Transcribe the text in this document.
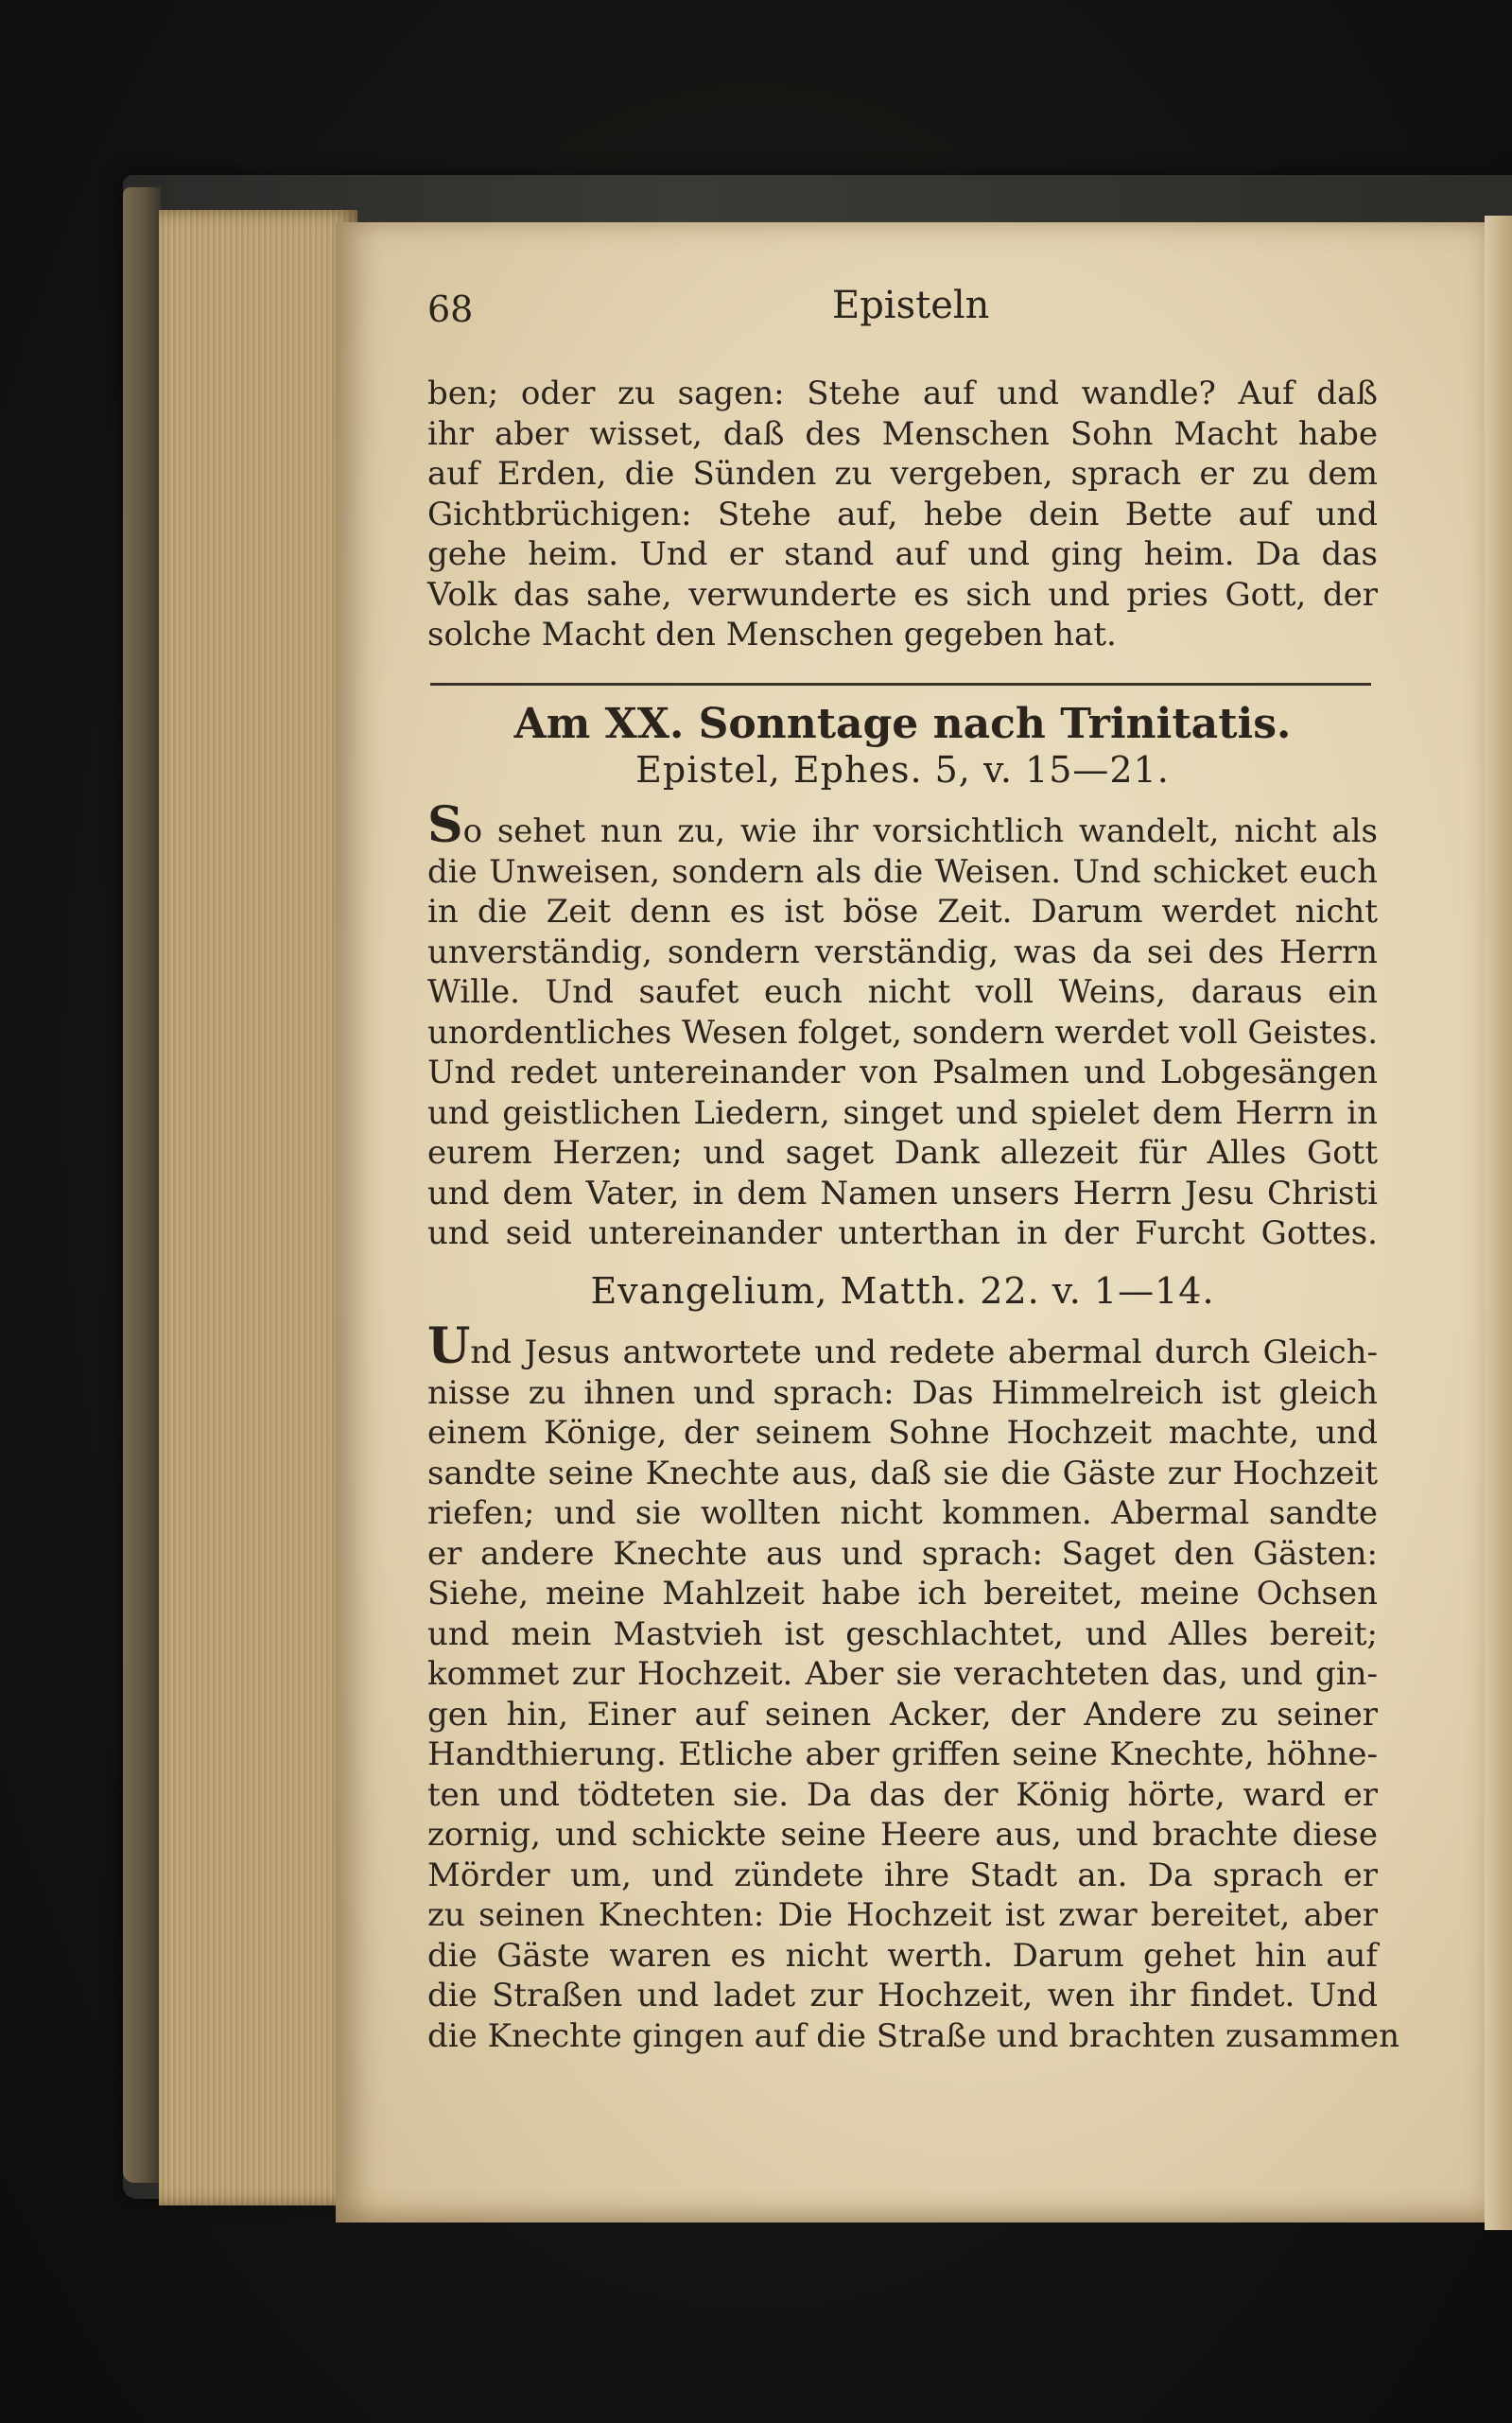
68	Episteln
ben; oder zu sagen: Stehe auf und wandle? Auf daß
ihr aber wisset, daß des Menschen Sohn Macht habe
auf Erden, die Sünden zu vergeben, sprach er zu dem
Gichtbrüchigen: Stehe auf, hebe dein Bette auf und
gehe heim. Und er stand auf und ging heim. Da das
Volk das sahe, verwunderte es sich und pries Gott, der
solche Macht den Menschen gegeben hat.
Am XX. Sonntage nach Trinitatis.
Epistel, Ephes. 5, v. 15—21.
So sehet nun zu, wie ihr vorsichtlich wandelt, nicht als
die Unweisen, sondern als die Weisen. Und schicket euch
in die Zeit denn es ist böse Zeit. Darum werdet nicht
unverständig, sondern verständig, was da sei des Herrn
Wille. Und saufet euch nicht voll Weins, daraus ein
unordentliches Wesen folget, sondern werdet voll Geistes.
Und redet untereinander von Psalmen und Lobgesängen
und geistlichen Liedern, singet und spielet dem Herrn in
eurem Herzen; und saget Dank allezeit für Alles Gott
und dem Vater, in dem Namen unsers Herrn Jesu Christi
und seid untereinander unterthan in der Furcht Gottes.
Evangelium, Matth. 22. v. 1—14.
Und Jesus antwortete und redete abermal durch Gleich-
nisse zu ihnen und sprach: Das Himmelreich ist gleich
einem Könige, der seinem Sohne Hochzeit machte, und
sandte seine Knechte aus, daß sie die Gäste zur Hochzeit
riefen; und sie wollten nicht kommen. Abermal sandte
er andere Knechte aus und sprach: Saget den Gästen:
Siehe, meine Mahlzeit habe ich bereitet, meine Ochsen
und mein Mastvieh ist geschlachtet, und Alles bereit;
kommet zur Hochzeit. Aber sie verachteten das, und gin-
gen hin, Einer auf seinen Acker, der Andere zu seiner
Handthierung. Etliche aber griffen seine Knechte, höhne-
ten und tödteten sie. Da das der König hörte, ward er
zornig, und schickte seine Heere aus, und brachte diese
Mörder um, und zündete ihre Stadt an. Da sprach er
zu seinen Knechten: Die Hochzeit ist zwar bereitet, aber
die Gäste waren es nicht werth. Darum gehet hin auf
die Straßen und ladet zur Hochzeit, wen ihr findet. Und
die Knechte gingen auf die Straße und brachten zusammen
